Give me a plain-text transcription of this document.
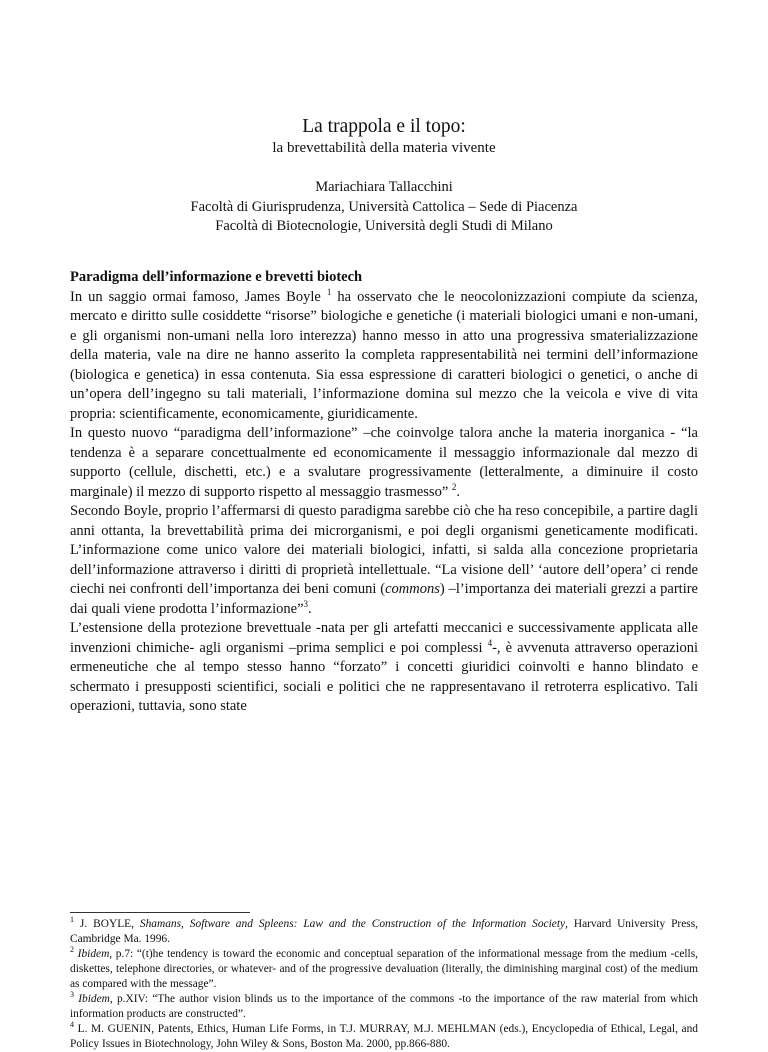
La trappola e il topo:
la brevettabilità della materia vivente
Mariachiara Tallacchini
Facoltà di Giurisprudenza, Università Cattolica – Sede di Piacenza
Facoltà di Biotecnologie, Università degli Studi di Milano

Paradigma dell’informazione e brevetti biotech

In un saggio ormai famoso, James Boyle $^1$ ha osservato che le neocolonizzazioni compiute da scienza, mercato e diritto sulle cosiddette “risorse” biologiche e genetiche (i materiali biologici umani e non-umani, e gli organismi non-umani nella loro interezza) hanno messo in atto una progressiva smaterializzazione della materia, vale na dire ne hanno asserito la completa rappresentabilità nei termini dell’informazione (biologica e genetica) in essa contenuta. Sia essa espressione di caratteri biologici o genetici, o anche di un’opera dell’ingegno su tali materiali, l’informazione domina sul mezzo che la veicola e vive di vita propria: scientificamente, economicamente, giuridicamente.

In questo nuovo “paradigma dell’informazione” –che coinvolge talora anche la materia inorganica - “la tendenza è a separare concettualmente ed economicamente il messaggio informazionale dal mezzo di supporto (cellule, dischetti, etc.) e a svalutare progressivamente (letteralmente, a diminuire il costo marginale) il mezzo di supporto rispetto al messaggio trasmesso” $^2$.

Secondo Boyle, proprio l’affermarsi di questo paradigma sarebbe ciò che ha reso concepibile, a partire dagli anni ottanta, la brevettabilità prima dei microrganismi, e poi degli organismi geneticamente modificati. L’informazione come unico valore dei materiali biologici, infatti, si salda alla concezione proprietaria dell’informazione attraverso i diritti di proprietà intellettuale. “La visione dell’ ‘autore dell’opera’ ci rende ciechi nei confronti dell’importanza dei beni comuni (commons) –l’importanza dei materiali grezzi a partire dai quali viene prodotta l’informazione”$^3$.

L’estensione della protezione brevettuale -nata per gli artefatti meccanici e successivamente applicata alle invenzioni chimiche- agli organismi –prima semplici e poi complessi $^4$-, è avvenuta attraverso operazioni ermeneutiche che al tempo stesso hanno “forzato” i concetti giuridici coinvolti e hanno blindato e schermato i presupposti scientifici, sociali e politici che ne rappresentavano il retroterra esplicativo. Tali operazioni, tuttavia, sono state

$^1$ J. BOYLE, Shamans, Software and Spleens: Law and the Construction of the Information Society, Harvard University Press, Cambridge Ma. 1996.

$^2$ Ibidem, p.7: “(t)he tendency is toward the economic and conceptual separation of the informational message from the medium -cells, diskettes, telephone directories, or whatever- and of the progressive devaluation (literally, the diminishing marginal cost) of the medium as compared with the message”.

$^3$ Ibidem, p.XIV: “The author vision blinds us to the importance of the commons -to the importance of the raw material from which information products are constructed”.

$^4$ L. M. GUENIN, Patents, Ethics, Human Life Forms, in T.J. MURRAY, M.J. MEHLMAN (eds.), Encyclopedia of Ethical, Legal, and Policy Issues in Biotechnology, John Wiley & Sons, Boston Ma. 2000, pp.866-880.
